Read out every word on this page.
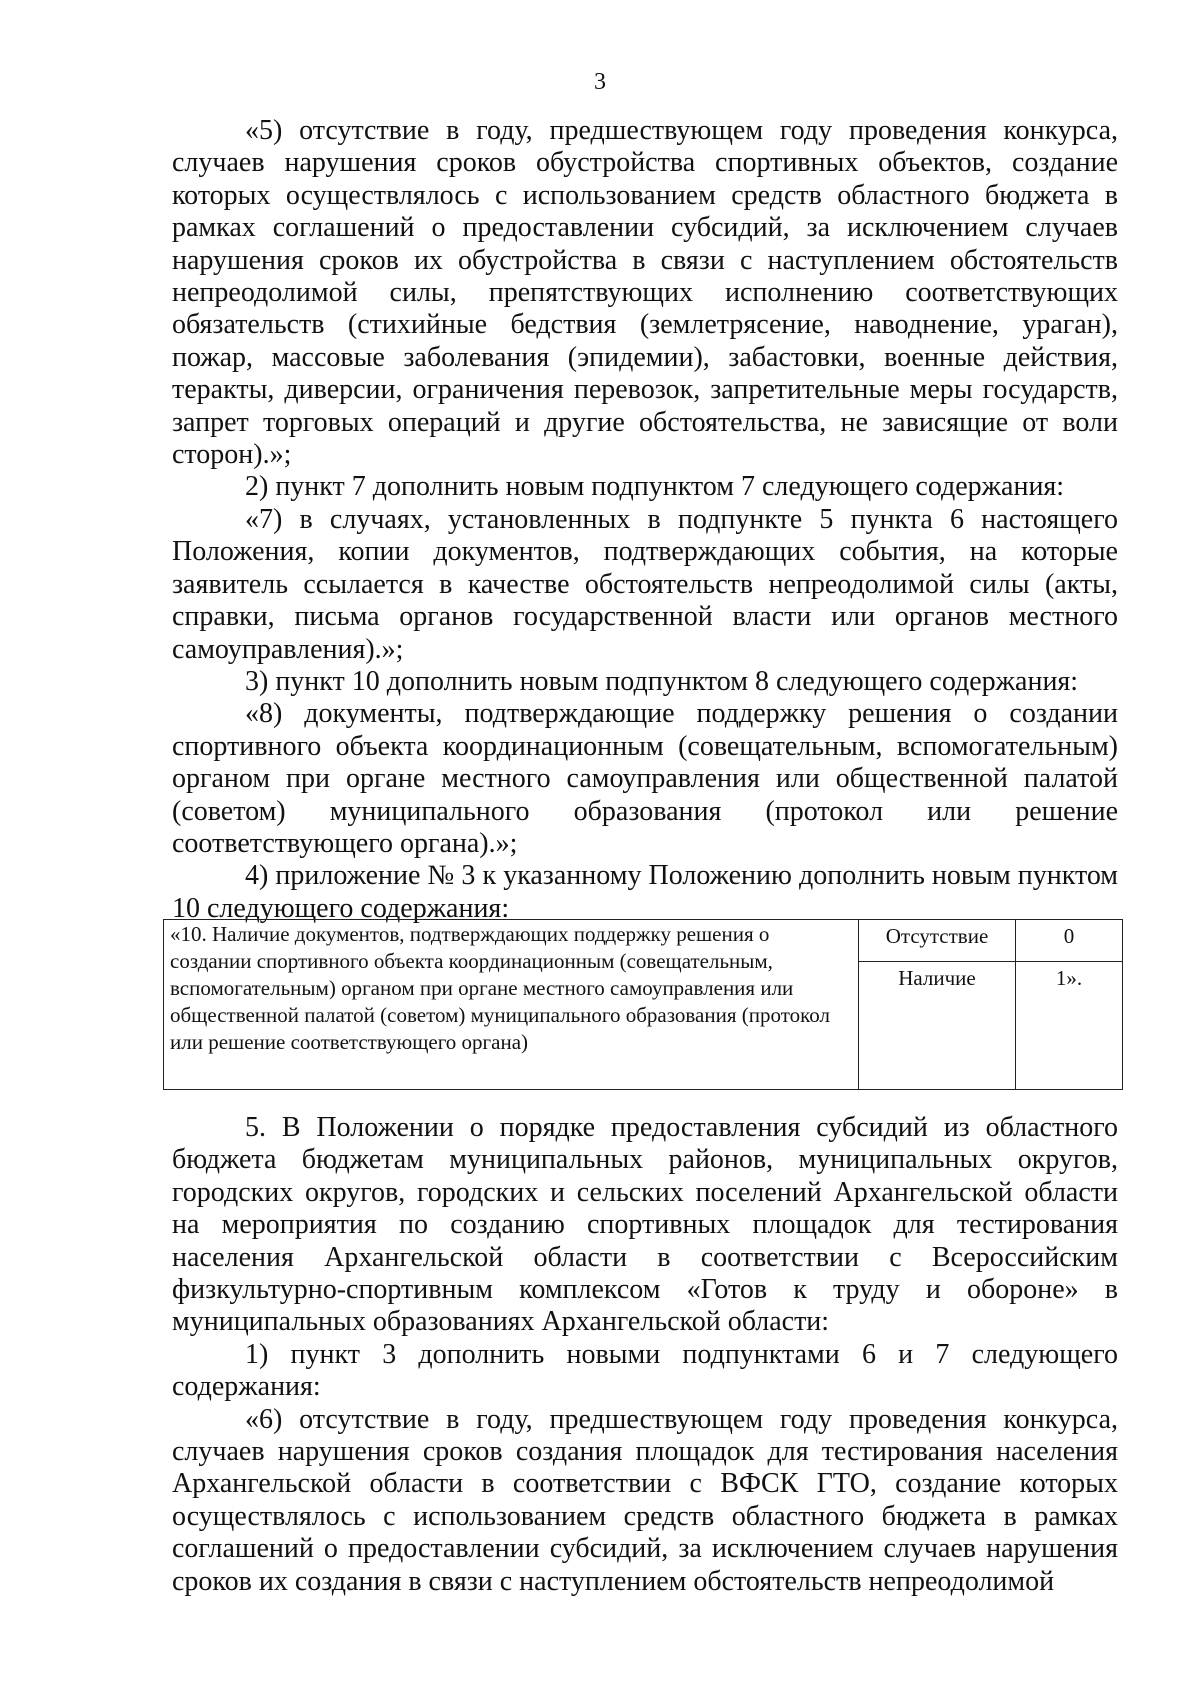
3

«5) отсутствие в году, предшествующем году проведения конкурса, случаев нарушения сроков обустройства спортивных объектов, создание которых осуществлялось с использованием средств областного бюджета в рамках соглашений о предоставлении субсидий, за исключением случаев нарушения сроков их обустройства в связи с наступлением обстоятельств непреодолимой силы, препятствующих исполнению соответствующих обязательств (стихийные бедствия (землетрясение, наводнение, ураган), пожар, массовые заболевания (эпидемии), забастовки, военные действия, теракты, диверсии, ограничения перевозок, запретительные меры государств, запрет торговых операций и другие обстоятельства, не зависящие от воли сторон).»;

2) пункт 7 дополнить новым подпунктом 7 следующего содержания:

«7) в случаях, установленных в подпункте 5 пункта 6 настоящего Положения, копии документов, подтверждающих события, на которые заявитель ссылается в качестве обстоятельств непреодолимой силы (акты, справки, письма органов государственной власти или органов местного самоуправления).»;

3) пункт 10 дополнить новым подпунктом 8 следующего содержания:

«8) документы, подтверждающие поддержку решения о создании спортивного объекта координационным (совещательным, вспомогательным) органом при органе местного самоуправления или общественной палатой (советом) муниципального образования (протокол или решение соответствующего органа).»;

4) приложение № 3 к указанному Положению дополнить новым пунктом 10 следующего содержания:

«10. Наличие документов, подтверждающих поддержку решения о создании спортивного объекта координационным (совещательным, вспомогательным) органом при органе местного самоуправления или общественной палатой (советом) муниципального образования (протокол или решение соответствующего органа)	Отсутствие	0
	Наличие	1».

5. В Положении о порядке предоставления субсидий из областного бюджета бюджетам муниципальных районов, муниципальных округов, городских округов, городских и сельских поселений Архангельской области на мероприятия по созданию спортивных площадок для тестирования населения Архангельской области в соответствии с Всероссийским физкультурно-спортивным комплексом «Готов к труду и обороне» в муниципальных образованиях Архангельской области:

1) пункт 3 дополнить новыми подпунктами 6 и 7 следующего содержания:

«6) отсутствие в году, предшествующем году проведения конкурса, случаев нарушения сроков создания площадок для тестирования населения Архангельской области в соответствии с ВФСК ГТО, создание которых осуществлялось с использованием средств областного бюджета в рамках соглашений о предоставлении субсидий, за исключением случаев нарушения сроков их создания в связи с наступлением обстоятельств непреодолимой
